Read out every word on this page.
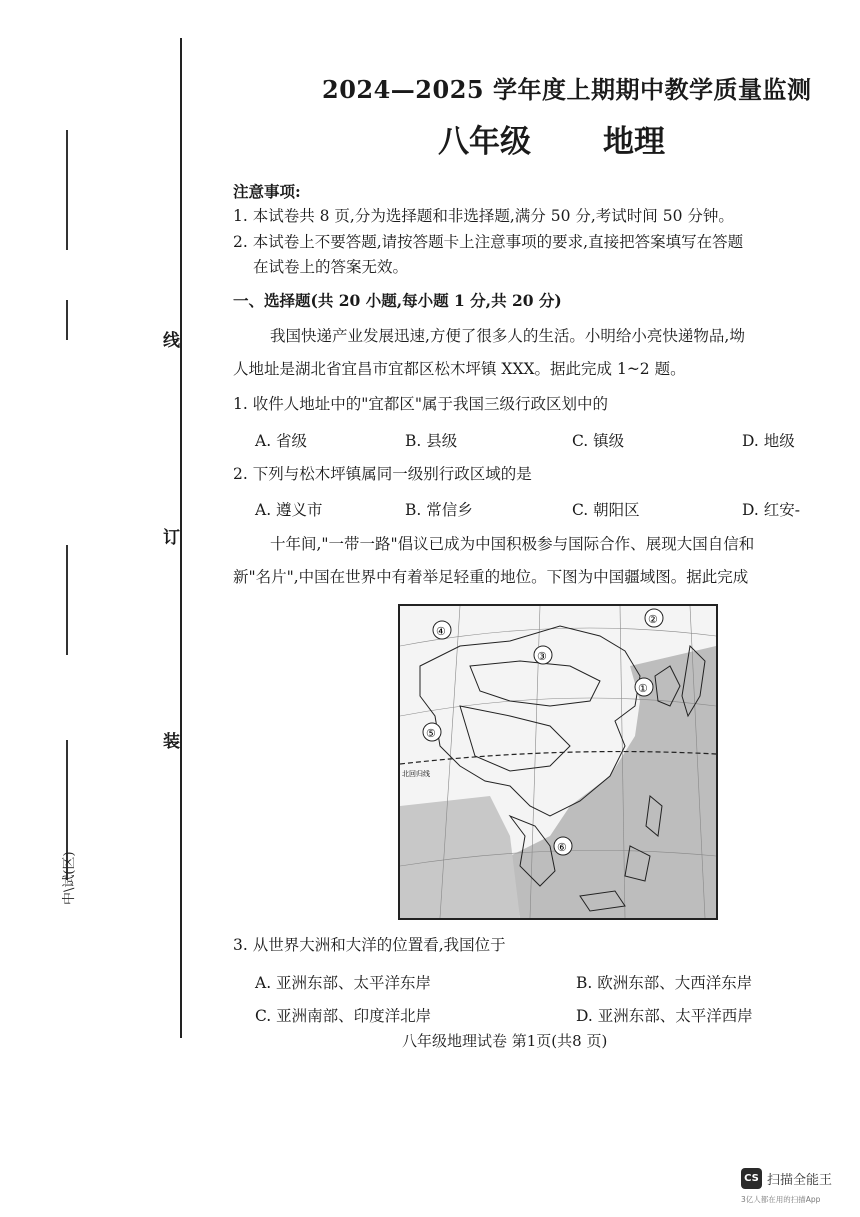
中\试(区)
线
订
装
2024—2025 学年度上期期中教学质量监测
八年级 地理
注意事项:
1. 本试卷共 8 页,分为选择题和非选择题,满分 50 分,考试时间 50 分钟。
2. 本试卷上不要答题,请按答题卡上注意事项的要求,直接把答案填写在答题
在试卷上的答案无效。
一、选择题(共 20 小题,每小题 1 分,共 20 分)
我国快递产业发展迅速,方便了很多人的生活。小明给小亮快递物品,坳
人地址是湖北省宜昌市宜都区松木坪镇 XXX。据此完成 1~2 题。
1. 收件人地址中的"宜都区"属于我国三级行政区划中的
A. 省级	B. 县级	C. 镇级	D. 地级
2. 下列与松木坪镇属同一级别行政区域的是
A. 遵义市	B. 常信乡	C. 朝阳区	D. 红安-
十年间,"一带一路"倡议已成为中国积极参与国际合作、展现大国自信和
新"名片",中国在世界中有着举足轻重的地位。下图为中国疆域图。据此完成
④
②
③
①
⑤
⑥
北回归线
3. 从世界大洲和大洋的位置看,我国位于
A. 亚洲东部、太平洋东岸	B. 欧洲东部、大西洋东岸
C. 亚洲南部、印度洋北岸	D. 亚洲东部、太平洋西岸
八年级地理试卷 第1页(共8 页)
CS 扫描全能王
3亿人都在用的扫描App
